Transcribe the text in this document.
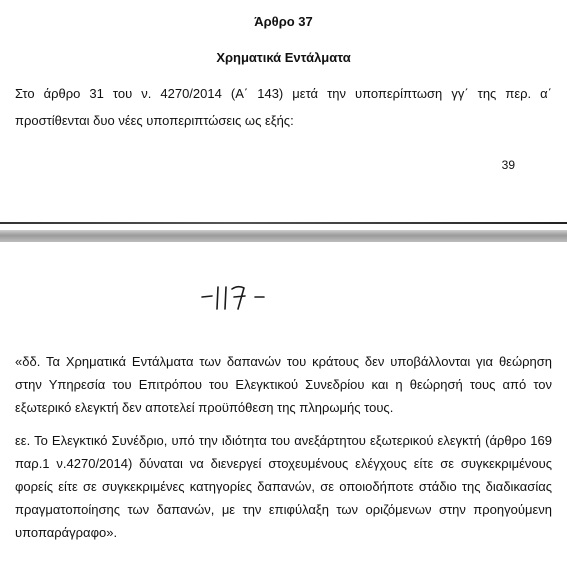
Άρθρο 37
Χρηματικά Εντάλματα
Στο άρθρο 31 του ν. 4270/2014 (Α΄ 143) μετά την υποπερίπτωση γγ΄ της περ. α΄ προστίθενται δυο νέες υποπεριπτώσεις ως εξής:
39

«δδ. Τα Χρηματικά Εντάλματα των δαπανών του κράτους δεν υποβάλλονται για θεώρηση στην Υπηρεσία του Επιτρόπου του Ελεγκτικού Συνεδρίου και η θεώρησή τους από τον εξωτερικό ελεγκτή δεν αποτελεί προϋπόθεση της πληρωμής τους.

εε. Το Ελεγκτικό Συνέδριο, υπό την ιδιότητα του ανεξάρτητου εξωτερικού ελεγκτή (άρθρο 169 παρ.1 ν.4270/2014) δύναται να διενεργεί στοχευμένους ελέγχους είτε σε συγκεκριμένους φορείς είτε σε συγκεκριμένες κατηγορίες δαπανών, σε οποιοδήποτε στάδιο της διαδικασίας πραγματοποίησης των δαπανών, με την επιφύλαξη των οριζόμενων στην προηγούμενη υποπαράγραφο».
